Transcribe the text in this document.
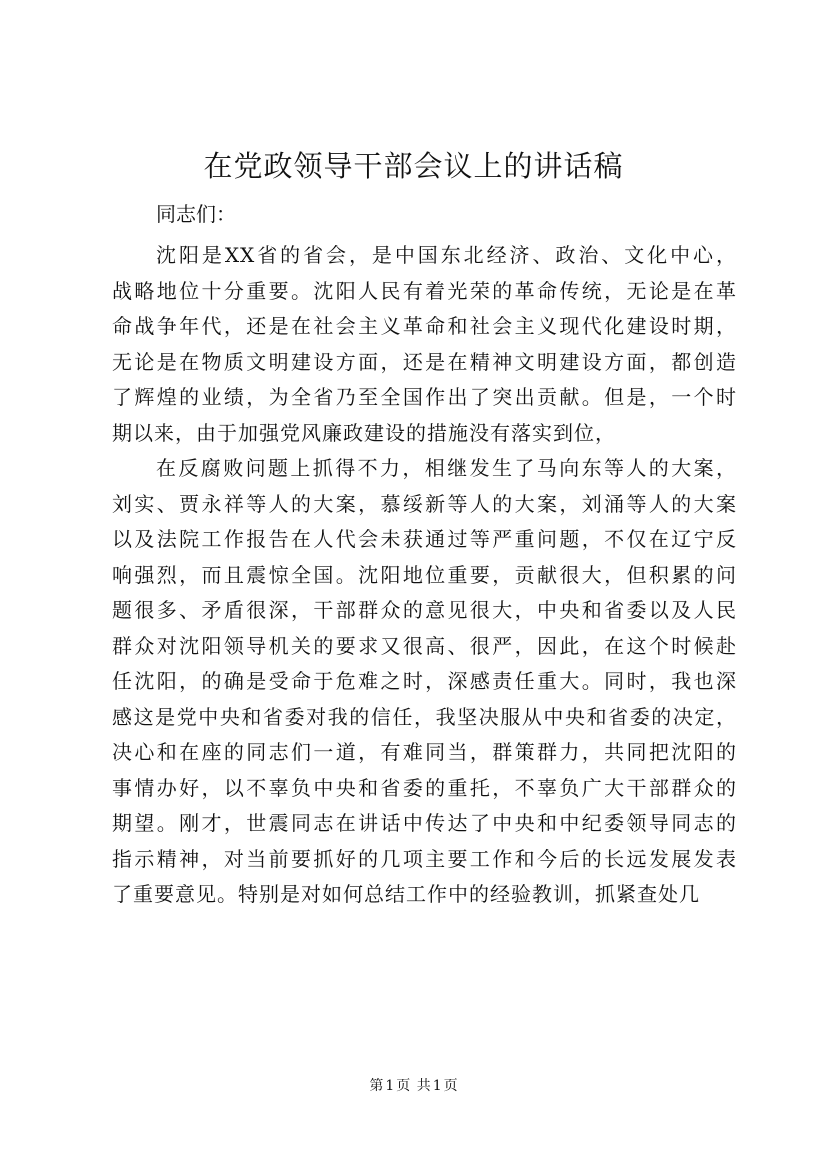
在党政领导干部会议上的讲话稿
同志们：
沈阳是XX省的省会，是中国东北经济、政治、文化中心，
战略地位十分重要。沈阳人民有着光荣的革命传统，无论是在革
命战争年代，还是在社会主义革命和社会主义现代化建设时期，
无论是在物质文明建设方面，还是在精神文明建设方面，都创造
了辉煌的业绩，为全省乃至全国作出了突出贡献。但是，一个时
期以来，由于加强党风廉政建设的措施没有落实到位，
在反腐败问题上抓得不力，相继发生了马向东等人的大案，
刘实、贾永祥等人的大案，慕绥新等人的大案，刘涌等人的大案
以及法院工作报告在人代会未获通过等严重问题，不仅在辽宁反
响强烈，而且震惊全国。沈阳地位重要，贡献很大，但积累的问
题很多、矛盾很深，干部群众的意见很大，中央和省委以及人民
群众对沈阳领导机关的要求又很高、很严，因此，在这个时候赴
任沈阳，的确是受命于危难之时，深感责任重大。同时，我也深
感这是党中央和省委对我的信任，我坚决服从中央和省委的决定，
决心和在座的同志们一道，有难同当，群策群力，共同把沈阳的
事情办好，以不辜负中央和省委的重托，不辜负广大干部群众的
期望。刚才，世震同志在讲话中传达了中央和中纪委领导同志的
指示精神，对当前要抓好的几项主要工作和今后的长远发展发表
了重要意见。特别是对如何总结工作中的经验教训，抓紧查处几
第 1 页 共 1 页
